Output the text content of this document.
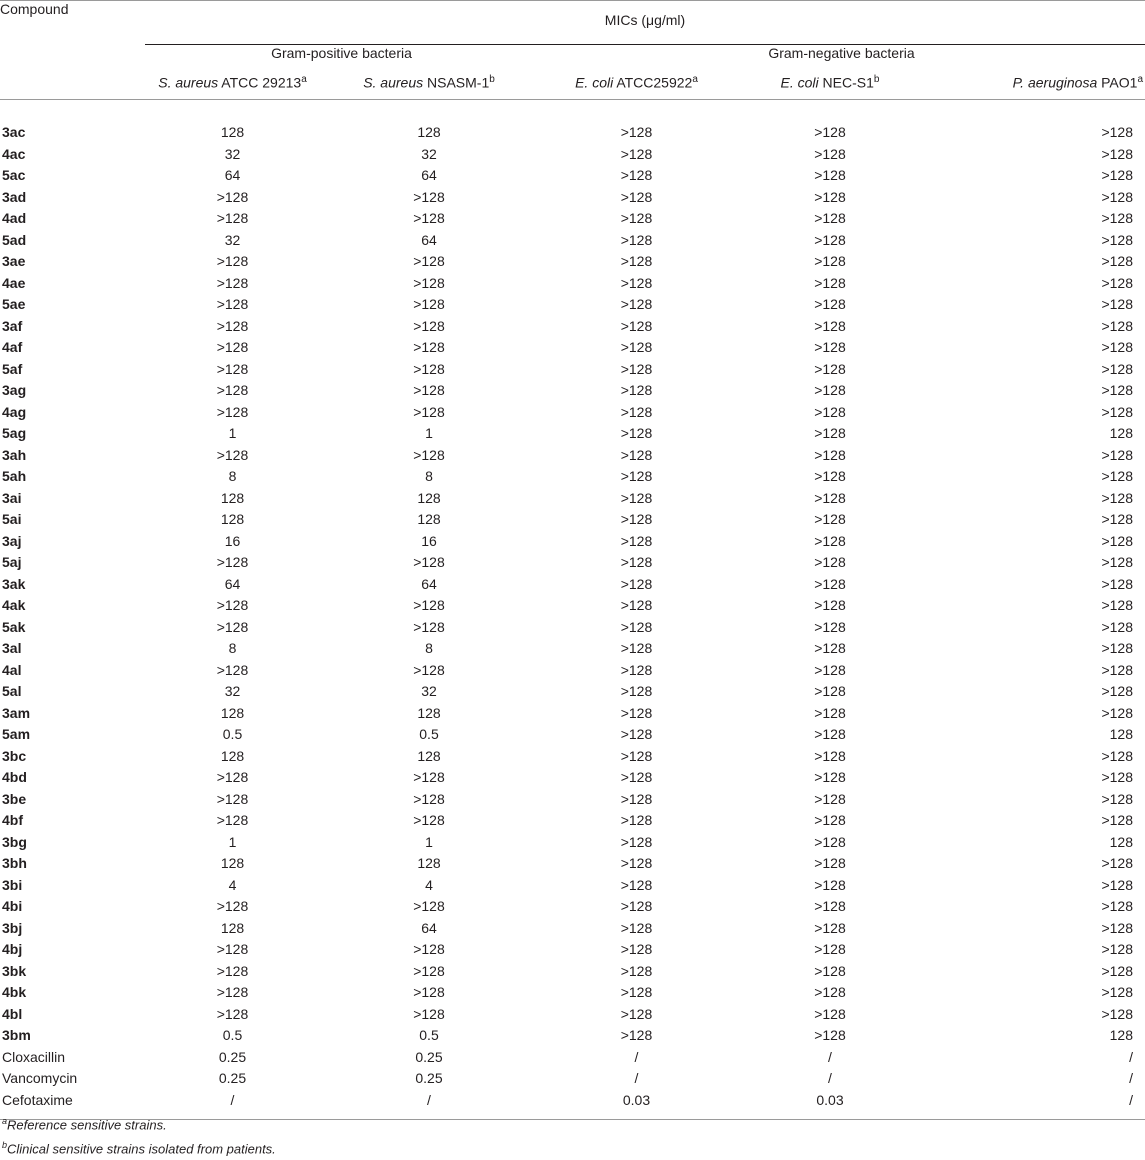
Compound	MICs (μg/ml)				

Gram-positive bacteria		Gram-negative bacteria		
	S. aureus ATCC 29213$^a$	S. aureus NSASM-1$^b$	E. coli ATCC25922$^a$	E. coli NEC-S1$^b$	P. aeruginosa PAO1$^a$

3ac	128	128	>128	>128	>128
4ac	32	32	>128	>128	>128
5ac	64	64	>128	>128	>128
3ad	>128	>128	>128	>128	>128
4ad	>128	>128	>128	>128	>128
5ad	32	64	>128	>128	>128
3ae	>128	>128	>128	>128	>128
4ae	>128	>128	>128	>128	>128
5ae	>128	>128	>128	>128	>128
3af	>128	>128	>128	>128	>128
4af	>128	>128	>128	>128	>128
5af	>128	>128	>128	>128	>128
3ag	>128	>128	>128	>128	>128
4ag	>128	>128	>128	>128	>128
5ag	1	1	>128	>128	128
3ah	>128	>128	>128	>128	>128
5ah	8	8	>128	>128	>128
3ai	128	128	>128	>128	>128
5ai	128	128	>128	>128	>128
3aj	16	16	>128	>128	>128
5aj	>128	>128	>128	>128	>128
3ak	64	64	>128	>128	>128
4ak	>128	>128	>128	>128	>128
5ak	>128	>128	>128	>128	>128
3al	8	8	>128	>128	>128
4al	>128	>128	>128	>128	>128
5al	32	32	>128	>128	>128
3am	128	128	>128	>128	>128
5am	0.5	0.5	>128	>128	128
3bc	128	128	>128	>128	>128
4bd	>128	>128	>128	>128	>128
3be	>128	>128	>128	>128	>128
4bf	>128	>128	>128	>128	>128
3bg	1	1	>128	>128	128
3bh	128	128	>128	>128	>128
3bi	4	4	>128	>128	>128
4bi	>128	>128	>128	>128	>128
3bj	128	64	>128	>128	>128
4bj	>128	>128	>128	>128	>128
3bk	>128	>128	>128	>128	>128
4bk	>128	>128	>128	>128	>128
4bl	>128	>128	>128	>128	>128
3bm	0.5	0.5	>128	>128	128
Cloxacillin	0.25	0.25	/	/	/
Vancomycin	0.25	0.25	/	/	/
Cefotaxime	/	/	0.03	0.03	/

$^a$Reference sensitive strains.
$^b$Clinical sensitive strains isolated from patients.
